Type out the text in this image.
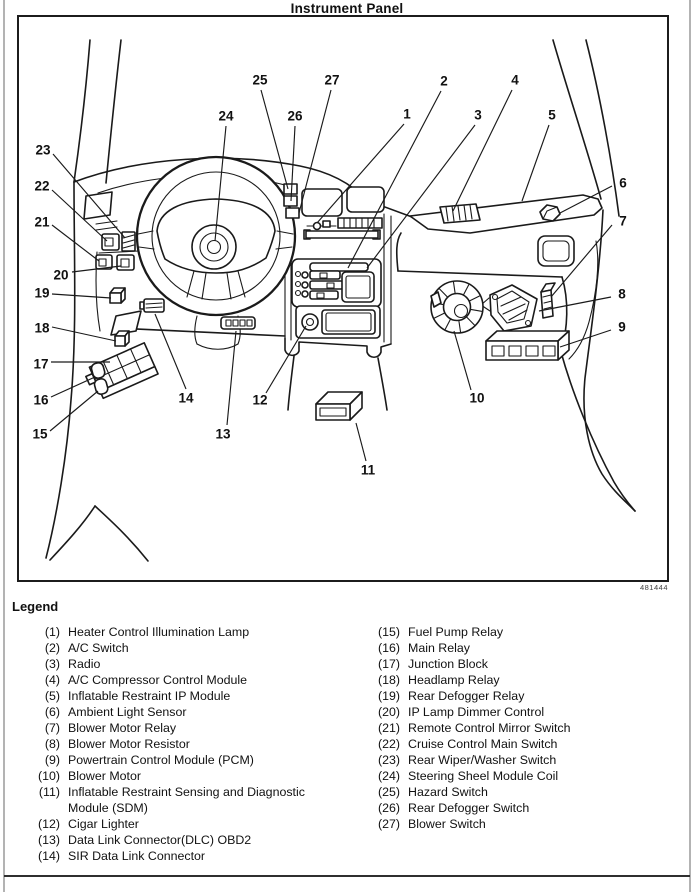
Instrument Panel
481444
1
2
3
4
5
6
7
8
9
10
11
12
13
14
15
16
17
18
19
20
21
22
23
24
25
26
27
Legend
(1) Heater Control Illumination Lamp
(2) A/C Switch
(3) Radio
(4) A/C Compressor Control Module
(5) Inflatable Restraint IP Module
(6) Ambient Light Sensor
(7) Blower Motor Relay
(8) Blower Motor Resistor
(9) Powertrain Control Module (PCM)
(10) Blower Motor
(11) Inflatable Restraint Sensing and Diagnostic Module (SDM)
(12) Cigar Lighter
(13) Data Link Connector(DLC) OBD2
(14) SIR Data Link Connector
(15) Fuel Pump Relay
(16) Main Relay
(17) Junction Block
(18) Headlamp Relay
(19) Rear Defogger Relay
(20) IP Lamp Dimmer Control
(21) Remote Control Mirror Switch
(22) Cruise Control Main Switch
(23) Rear Wiper/Washer Switch
(24) Steering Sheel Module Coil
(25) Hazard Switch
(26) Rear Defogger Switch
(27) Blower Switch
